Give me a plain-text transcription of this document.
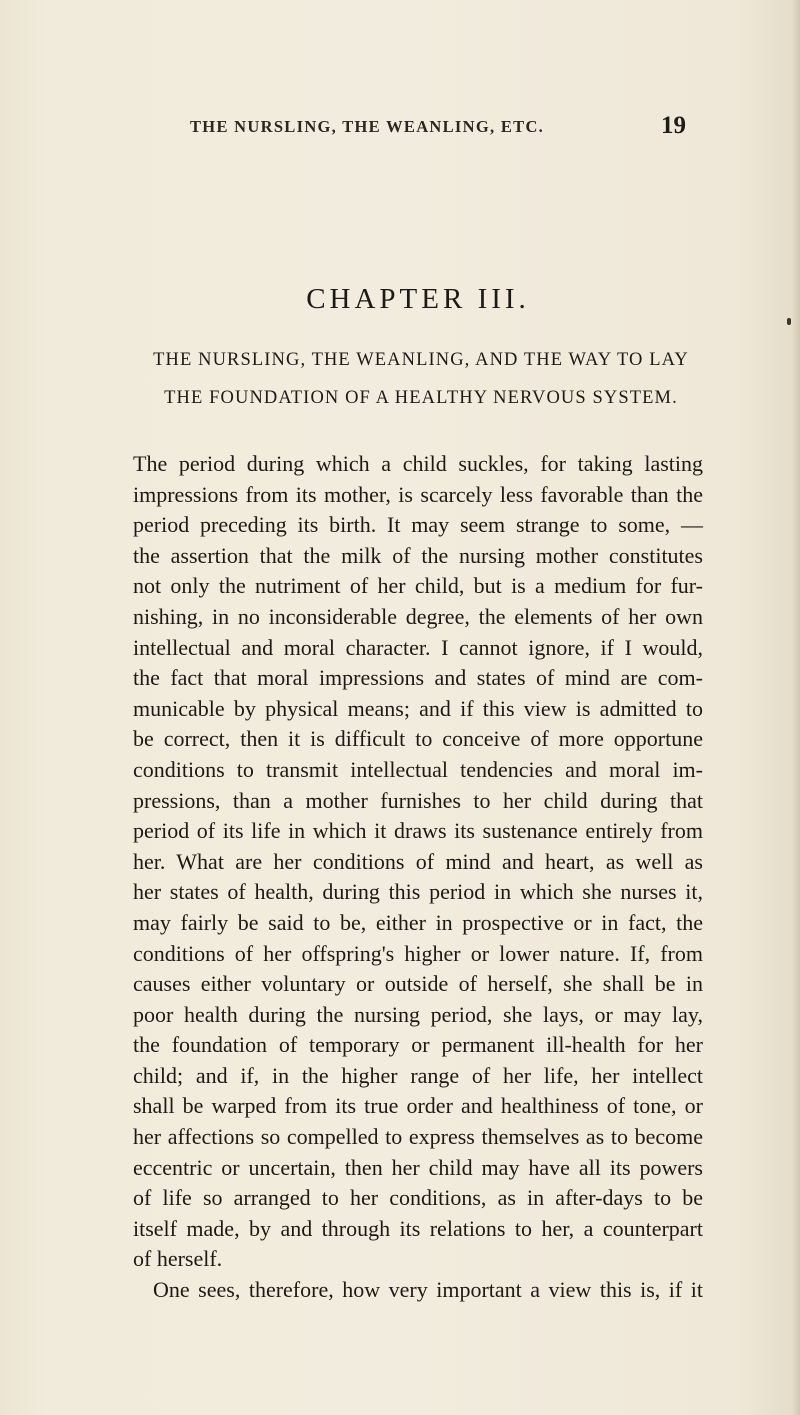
THE NURSLING, THE WEANLING, ETC.	19
CHAPTER III.
THE NURSLING, THE WEANLING, AND THE WAY TO LAY
THE FOUNDATION OF A HEALTHY NERVOUS SYSTEM.
The period during which a child suckles, for taking lasting
impressions from its mother, is scarcely less favorable than the
period preceding its birth. It may seem strange to some, —
the assertion that the milk of the nursing mother constitutes
not only the nutriment of her child, but is a medium for fur-
nishing, in no inconsiderable degree, the elements of her own
intellectual and moral character. I cannot ignore, if I would,
the fact that moral impressions and states of mind are com-
municable by physical means; and if this view is admitted to
be correct, then it is difficult to conceive of more opportune
conditions to transmit intellectual tendencies and moral im-
pressions, than a mother furnishes to her child during that
period of its life in which it draws its sustenance entirely from
her. What are her conditions of mind and heart, as well as
her states of health, during this period in which she nurses it,
may fairly be said to be, either in prospective or in fact, the
conditions of her offspring's higher or lower nature. If, from
causes either voluntary or outside of herself, she shall be in
poor health during the nursing period, she lays, or may lay,
the foundation of temporary or permanent ill-health for her
child; and if, in the higher range of her life, her intellect
shall be warped from its true order and healthiness of tone, or
her affections so compelled to express themselves as to become
eccentric or uncertain, then her child may have all its powers
of life so arranged to her conditions, as in after-days to be
itself made, by and through its relations to her, a counterpart
of herself.
One sees, therefore, how very important a view this is, if it
